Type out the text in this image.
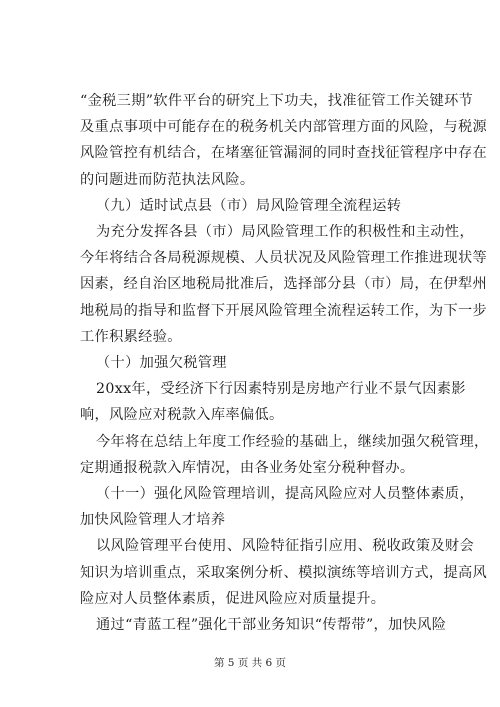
“金税三期”软件平台的研究上下功夫，找准征管工作关键环节
及重点事项中可能存在的税务机关内部管理方面的风险，与税源
风险管控有机结合，在堵塞征管漏洞的同时查找征管程序中存在
的问题进而防范执法风险。
（九）适时试点县（市）局风险管理全流程运转
为充分发挥各县（市）局风险管理工作的积极性和主动性，
今年将结合各局税源规模、人员状况及风险管理工作推进现状等
因素，经自治区地税局批准后，选择部分县（市）局，在伊犁州
地税局的指导和监督下开展风险管理全流程运转工作，为下一步
工作积累经验。
（十）加强欠税管理
20xx年，受经济下行因素特别是房地产行业不景气因素影
响，风险应对税款入库率偏低。
今年将在总结上年度工作经验的基础上，继续加强欠税管理，
定期通报税款入库情况，由各业务处室分税种督办。
（十一）强化风险管理培训，提高风险应对人员整体素质，
加快风险管理人才培养
以风险管理平台使用、风险特征指引应用、税收政策及财会
知识为培训重点，采取案例分析、模拟演练等培训方式，提高风
险应对人员整体素质，促进风险应对质量提升。
通过“青蓝工程”强化干部业务知识“传帮带”，加快风险
第 5 页 共 6 页
